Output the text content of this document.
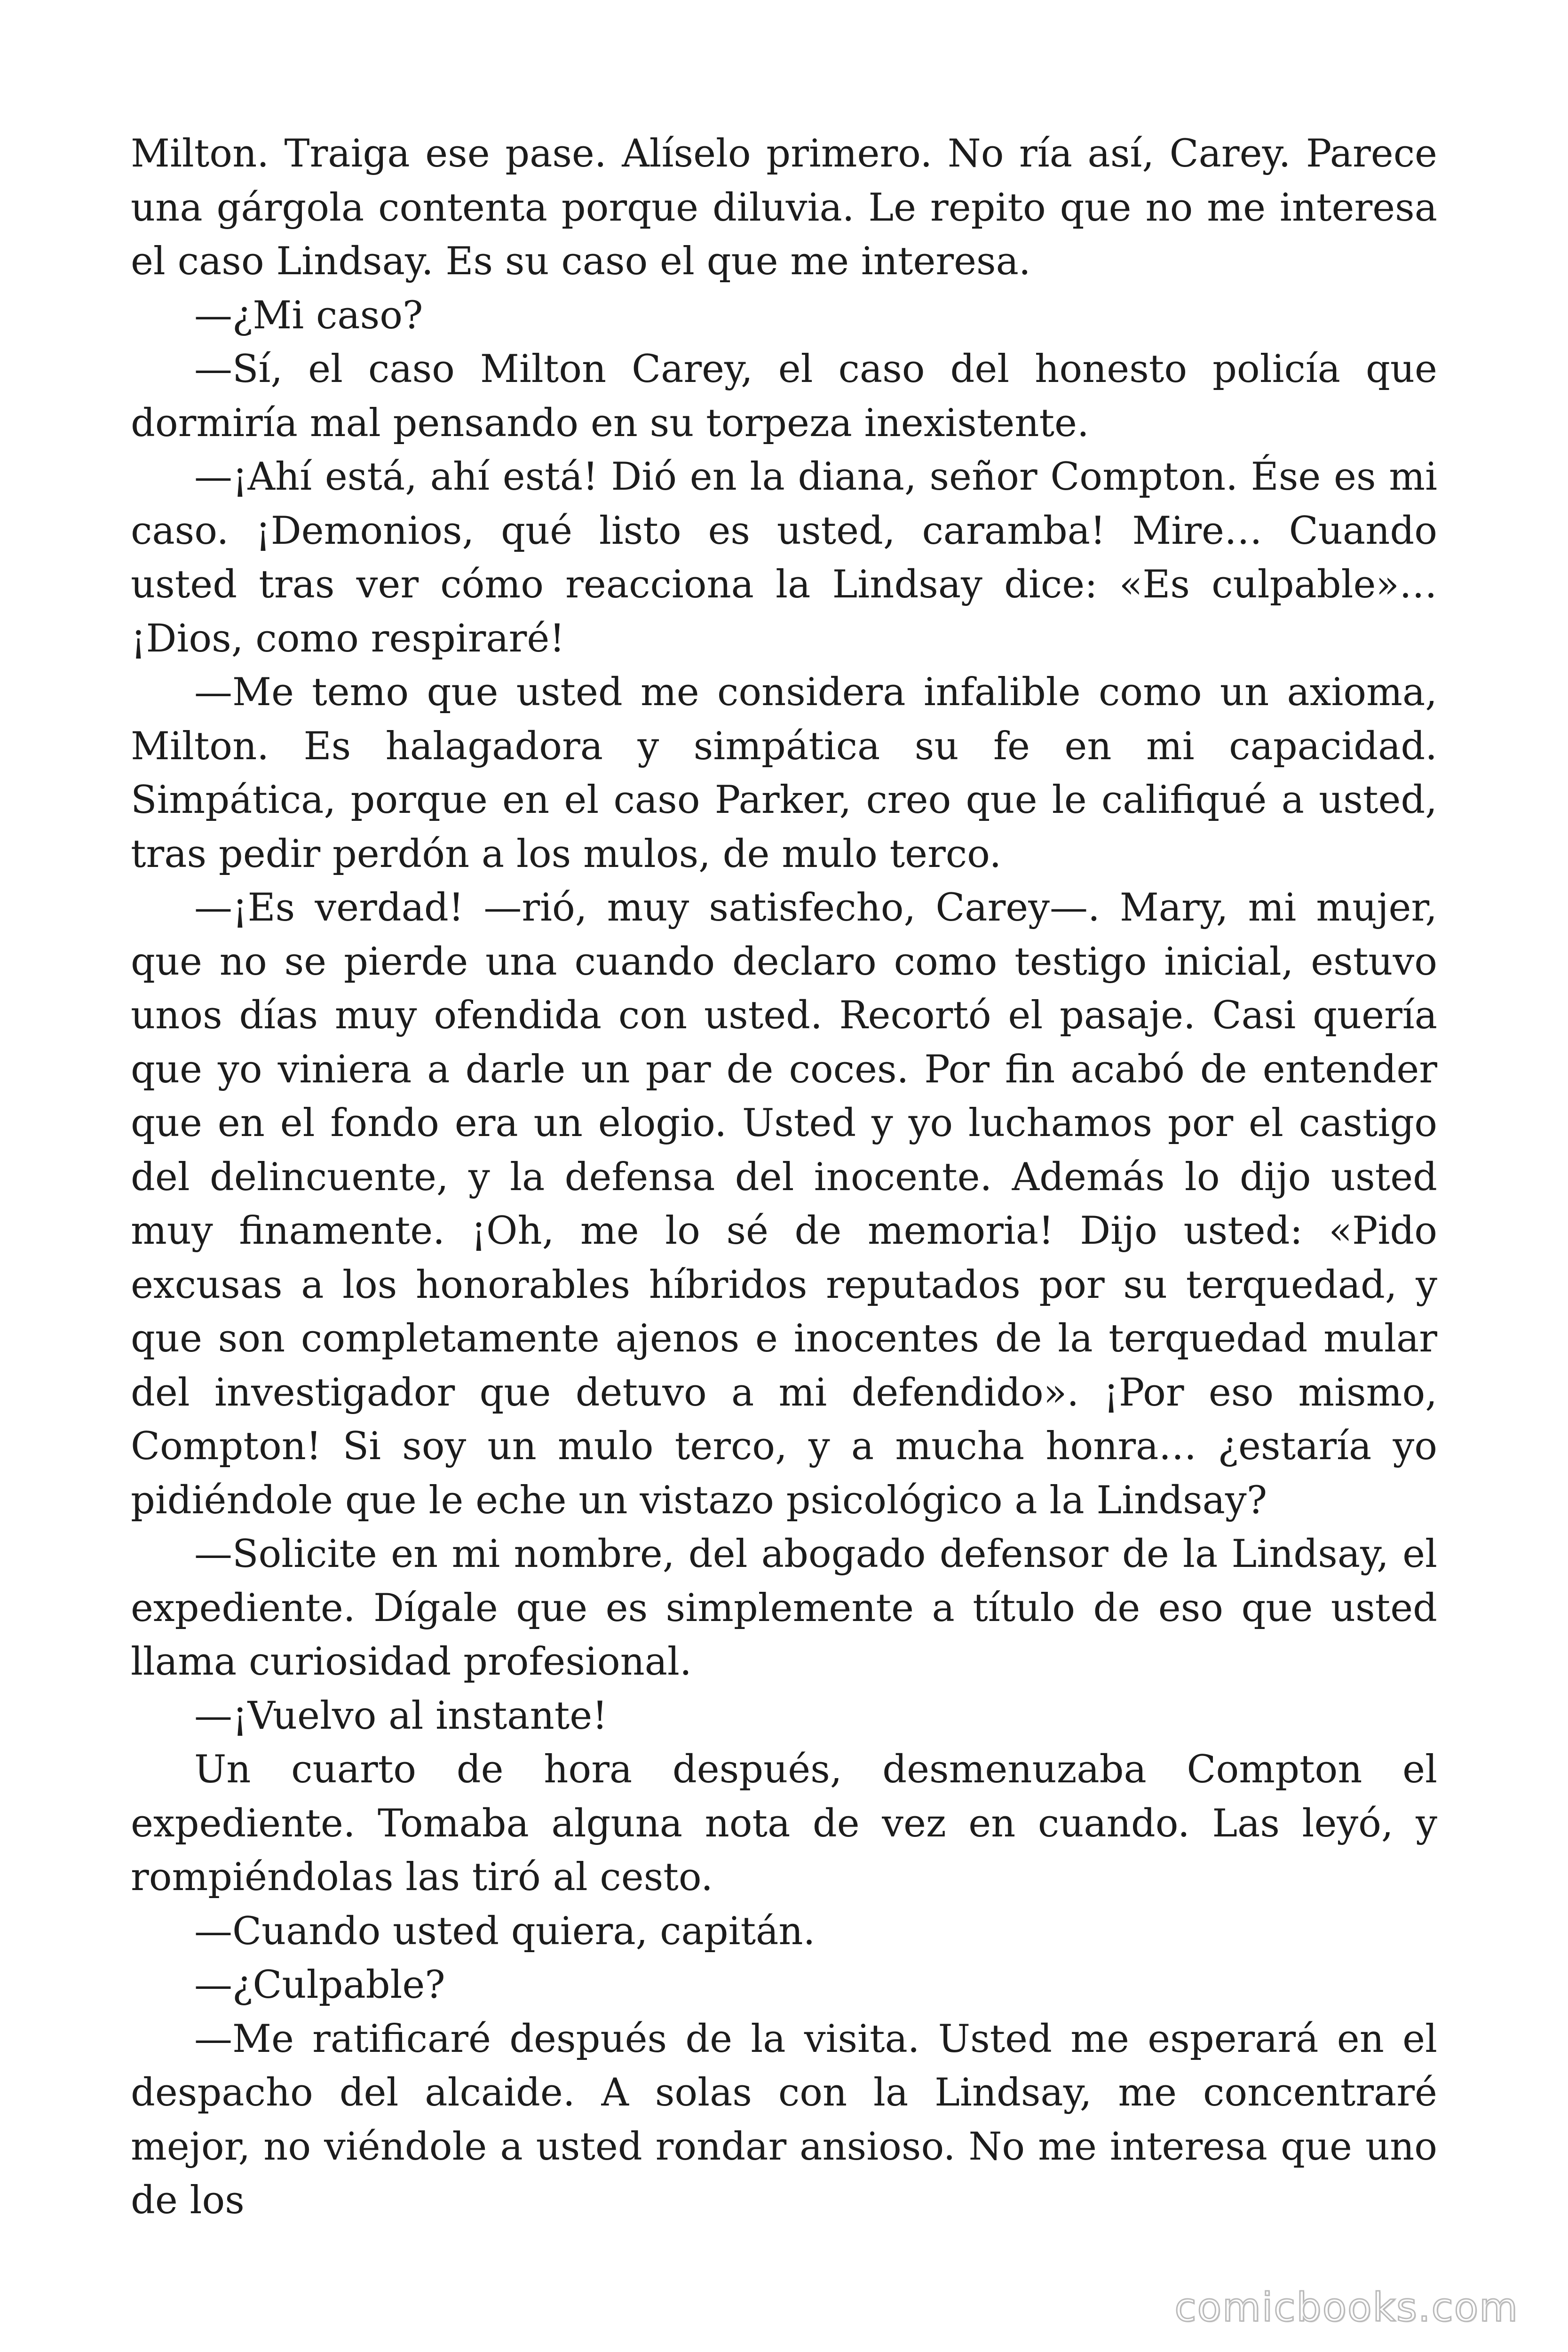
Milton. Traiga ese pase. Alíselo primero. No ría así, Carey. Parece una gárgola contenta porque diluvia. Le repito que no me interesa el caso Lindsay. Es su caso el que me interesa.

—¿Mi caso?

—Sí, el caso Milton Carey, el caso del honesto policía que dormiría mal pensando en su torpeza inexistente.

—¡Ahí está, ahí está! Dió en la diana, señor Compton. Ése es mi caso. ¡Demonios, qué listo es usted, caramba! Mire… Cuando usted tras ver cómo reacciona la Lindsay dice: «Es culpable»… ¡Dios, como respiraré!

—Me temo que usted me considera infalible como un axioma, Milton. Es halagadora y simpática su fe en mi capacidad. Simpática, porque en el caso Parker, creo que le califiqué a usted, tras pedir perdón a los mulos, de mulo terco.

—¡Es verdad! —rió, muy satisfecho, Carey—. Mary, mi mujer, que no se pierde una cuando declaro como testigo inicial, estuvo unos días muy ofendida con usted. Recortó el pasaje. Casi quería que yo viniera a darle un par de coces. Por fin acabó de entender que en el fondo era un elogio. Usted y yo luchamos por el castigo del delincuente, y la defensa del inocente. Además lo dijo usted muy finamente. ¡Oh, me lo sé de memoria! Dijo usted: «Pido excusas a los honorables híbridos reputados por su terquedad, y que son completamente ajenos e inocentes de la terquedad mular del investigador que detuvo a mi defendido». ¡Por eso mismo, Compton! Si soy un mulo terco, y a mucha honra… ¿estaría yo pidiéndole que le eche un vistazo psicológico a la Lindsay?

—Solicite en mi nombre, del abogado defensor de la Lindsay, el expediente. Dígale que es simplemente a título de eso que usted llama curiosidad profesional.

—¡Vuelvo al instante!

Un cuarto de hora después, desmenuzaba Compton el expediente. Tomaba alguna nota de vez en cuando. Las leyó, y rompiéndolas las tiró al cesto.

—Cuando usted quiera, capitán.

—¿Culpable?

—Me ratificaré después de la visita. Usted me esperará en el despacho del alcaide. A solas con la Lindsay, me concentraré mejor, no viéndole a usted rondar ansioso. No me interesa que uno de los

comicbooks.com
